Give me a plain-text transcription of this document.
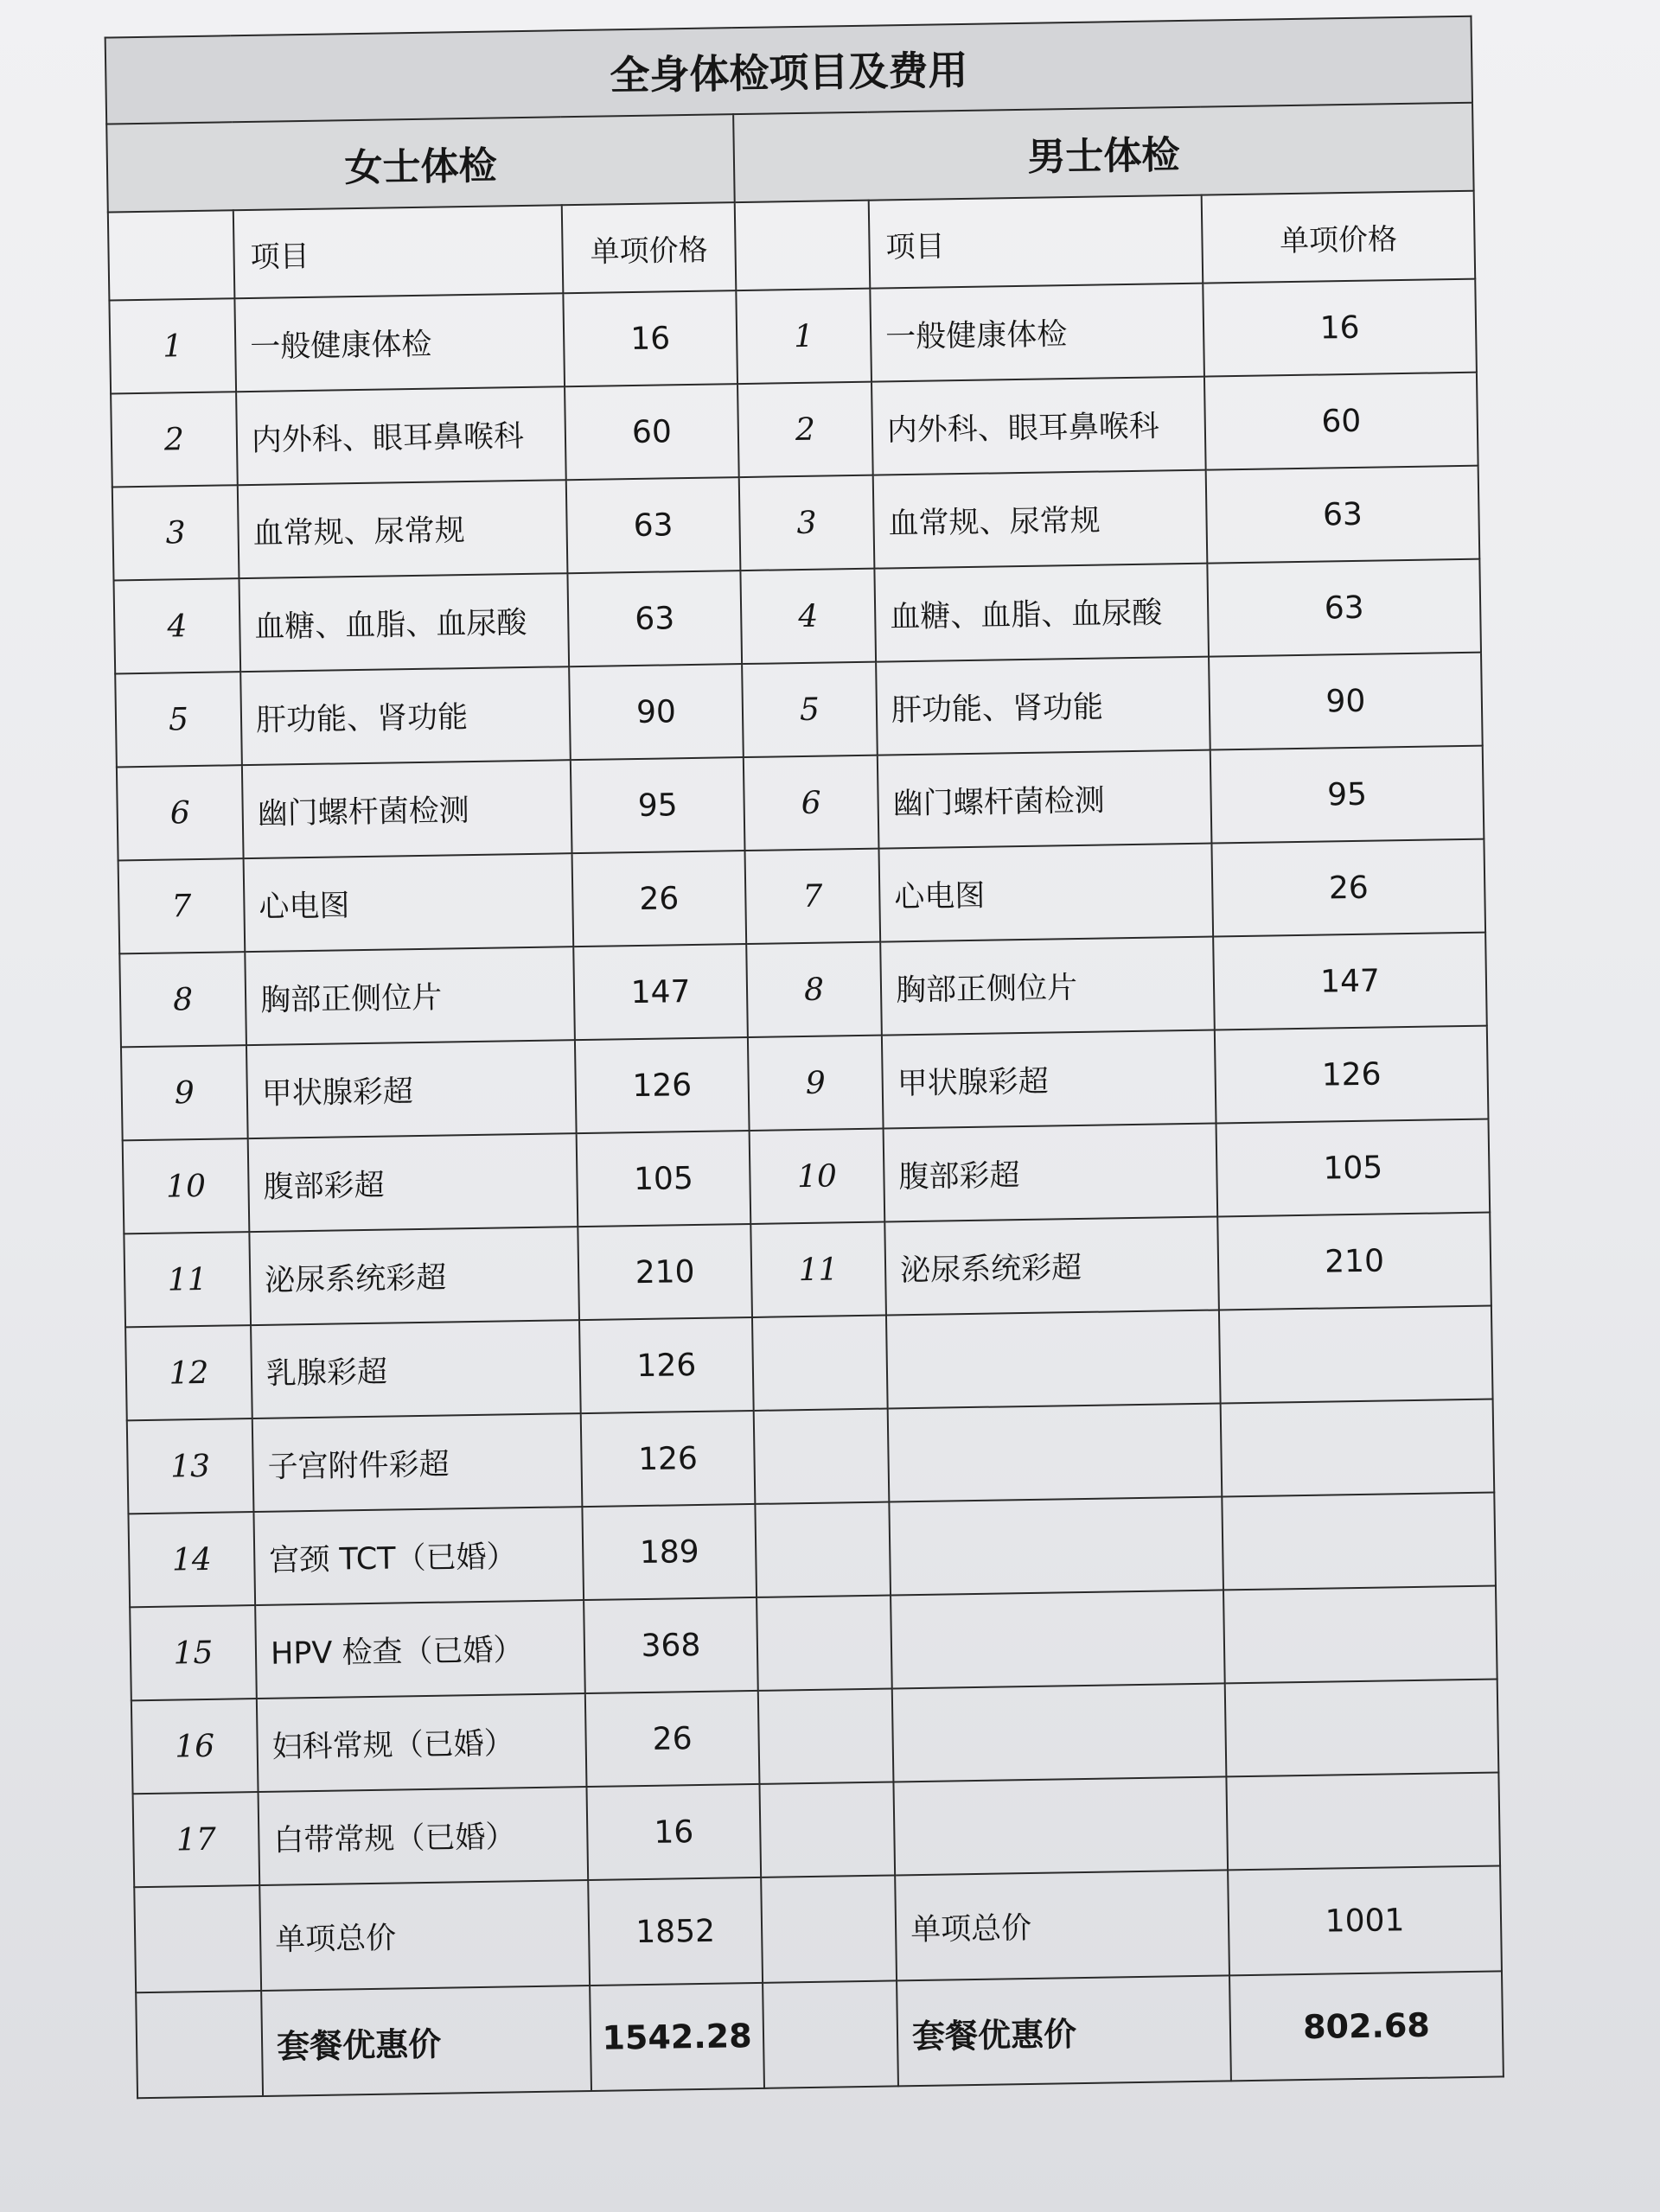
全身体检项目及费用					
女士体检			男士体检		
	项目	单项价格		项目	单项价格
1	一般健康体检	16	1	一般健康体检	16
2	内外科、眼耳鼻喉科	60	2	内外科、眼耳鼻喉科	60
3	血常规、尿常规	63	3	血常规、尿常规	63
4	血糖、血脂、血尿酸	63	4	血糖、血脂、血尿酸	63
5	肝功能、肾功能	90	5	肝功能、肾功能	90
6	幽门螺杆菌检测	95	6	幽门螺杆菌检测	95
7	心电图	26	7	心电图	26
8	胸部正侧位片	147	8	胸部正侧位片	147
9	甲状腺彩超	126	9	甲状腺彩超	126
10	腹部彩超	105	10	腹部彩超	105
11	泌尿系统彩超	210	11	泌尿系统彩超	210
12	乳腺彩超	126			
13	子宫附件彩超	126			
14	宫颈 TCT（已婚）	189			
15	HPV 检查（已婚）	368			
16	妇科常规（已婚）	26			
17	白带常规（已婚）	16			
	单项总价	1852		单项总价	1001
	套餐优惠价	1542.28		套餐优惠价	802.68
